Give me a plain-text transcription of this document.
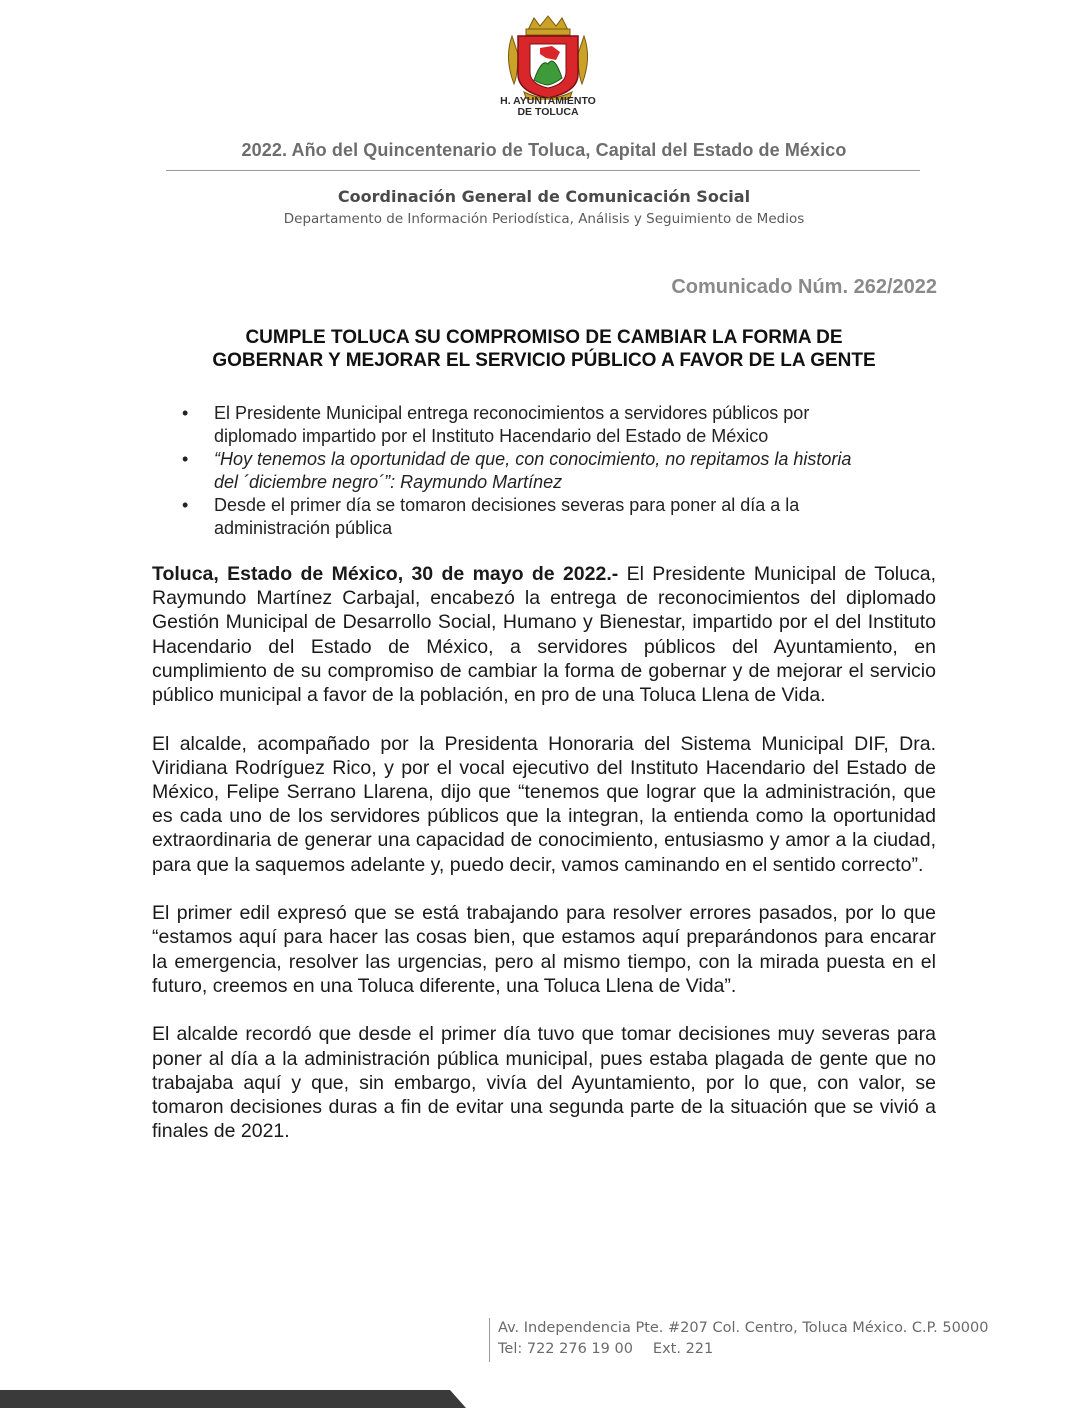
H. AYUNTAMIENTO
DE TOLUCA
2022. Año del Quincentenario de Toluca, Capital del Estado de México
Coordinación General de Comunicación Social
Departamento de Información Periodística, Análisis y Seguimiento de Medios
Comunicado Núm. 262/2022
CUMPLE TOLUCA SU COMPROMISO DE CAMBIAR LA FORMA DE
GOBERNAR Y MEJORAR EL SERVICIO PÚBLICO A FAVOR DE LA GENTE
• El Presidente Municipal entrega reconocimientos a servidores públicos por
diplomado impartido por el Instituto Hacendario del Estado de México
• “Hoy tenemos la oportunidad de que, con conocimiento, no repitamos la historia
del ´diciembre negro´”: Raymundo Martínez
• Desde el primer día se tomaron decisiones severas para poner al día a la
administración pública

Toluca, Estado de México, 30 de mayo de 2022.- El Presidente Municipal de Toluca, Raymundo Martínez Carbajal, encabezó la entrega de reconocimientos del diplomado Gestión Municipal de Desarrollo Social, Humano y Bienestar, impartido por el del Instituto Hacendario del Estado de México, a servidores públicos del Ayuntamiento, en cumplimiento de su compromiso de cambiar la forma de gobernar y de mejorar el servicio público municipal a favor de la población, en pro de una Toluca Llena de Vida.

El alcalde, acompañado por la Presidenta Honoraria del Sistema Municipal DIF, Dra. Viridiana Rodríguez Rico, y por el vocal ejecutivo del Instituto Hacendario del Estado de México, Felipe Serrano Llarena, dijo que “tenemos que lograr que la administración, que es cada uno de los servidores públicos que la integran, la entienda como la oportunidad extraordinaria de generar una capacidad de conocimiento, entusiasmo y amor a la ciudad, para que la saquemos adelante y, puedo decir, vamos caminando en el sentido correcto”.

El primer edil expresó que se está trabajando para resolver errores pasados, por lo que “estamos aquí para hacer las cosas bien, que estamos aquí preparándonos para encarar la emergencia, resolver las urgencias, pero al mismo tiempo, con la mirada puesta en el futuro, creemos en una Toluca diferente, una Toluca Llena de Vida”.

El alcalde recordó que desde el primer día tuvo que tomar decisiones muy severas para poner al día a la administración pública municipal, pues estaba plagada de gente que no trabajaba aquí y que, sin embargo, vivía del Ayuntamiento, por lo que, con valor, se tomaron decisiones duras a fin de evitar una segunda parte de la situación que se vivió a finales de 2021.

Av. Independencia Pte. #207 Col. Centro, Toluca México. C.P. 50000
Tel: 722 276 19 00 Ext. 221
